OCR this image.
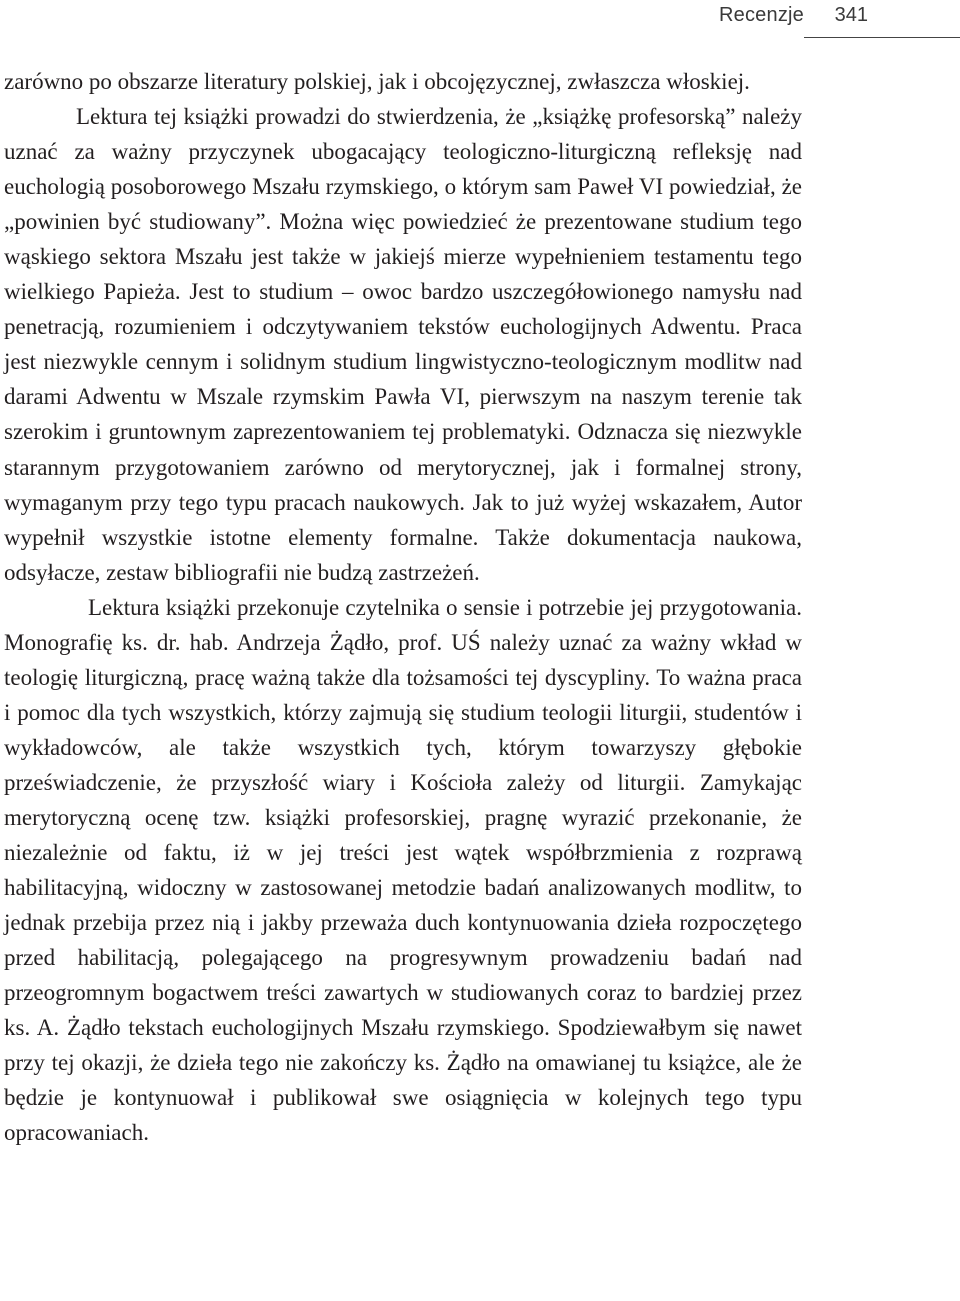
Recenzje 341

zarówno po obszarze literatury polskiej, jak i obcojęzycznej, zwłaszcza włoskiej.

Lektura tej książki prowadzi do stwierdzenia, że „książkę profesorską” należy uznać za ważny przyczynek ubogacający teologiczno-liturgiczną refleksję nad euchologią posoborowego Mszału rzymskiego, o którym sam Paweł VI powiedział, że „powinien być studiowany”. Można więc powiedzieć że prezentowane studium tego wąskiego sektora Mszału jest także w jakiejś mierze wypełnieniem testamentu tego wielkiego Papieża. Jest to studium – owoc bardzo uszczegółowionego namysłu nad penetracją, rozumieniem i odczytywaniem tekstów euchologijnych Adwentu. Praca jest niezwykle cennym i solidnym studium lingwistyczno-teologicznym modlitw nad darami Adwentu w Mszale rzymskim Pawła VI, pierwszym na naszym terenie tak szerokim i gruntownym zaprezentowaniem tej problematyki. Odznacza się niezwykle starannym przygotowaniem zarówno od merytorycznej, jak i formalnej strony, wymaganym przy tego typu pracach naukowych. Jak to już wyżej wskazałem, Autor wypełnił wszystkie istotne elementy formalne. Także dokumentacja naukowa, odsyłacze, zestaw bibliografii nie budzą zastrzeżeń.

Lektura książki przekonuje czytelnika o sensie i potrzebie jej przygotowania. Monografię ks. dr. hab. Andrzeja Żądło, prof. UŚ należy uznać za ważny wkład w teologię liturgiczną, pracę ważną także dla tożsamości tej dyscypliny. To ważna praca i pomoc dla tych wszystkich, którzy zajmują się studium teologii liturgii, studentów i wykładowców, ale także wszystkich tych, którym towarzyszy głębokie przeświadczenie, że przyszłość wiary i Kościoła zależy od liturgii. Zamykając merytoryczną ocenę tzw. książki profesorskiej, pragnę wyrazić przekonanie, że niezależnie od faktu, iż w jej treści jest wątek współbrzmienia z rozprawą habilitacyjną, widoczny w zastosowanej metodzie badań analizowanych modlitw, to jednak przebija przez nią i jakby przeważa duch kontynuowania dzieła rozpoczętego przed habilitacją, polegającego na progresywnym prowadzeniu badań nad przeogromnym bogactwem treści zawartych w studiowanych coraz to bardziej przez ks. A. Żądło tekstach euchologijnych Mszału rzymskiego. Spodziewałbym się nawet przy tej okazji, że dzieła tego nie zakończy ks. Żądło na omawianej tu książce, ale że będzie je kontynuował i publikował swe osiągnięcia w kolejnych tego typu opracowaniach.
